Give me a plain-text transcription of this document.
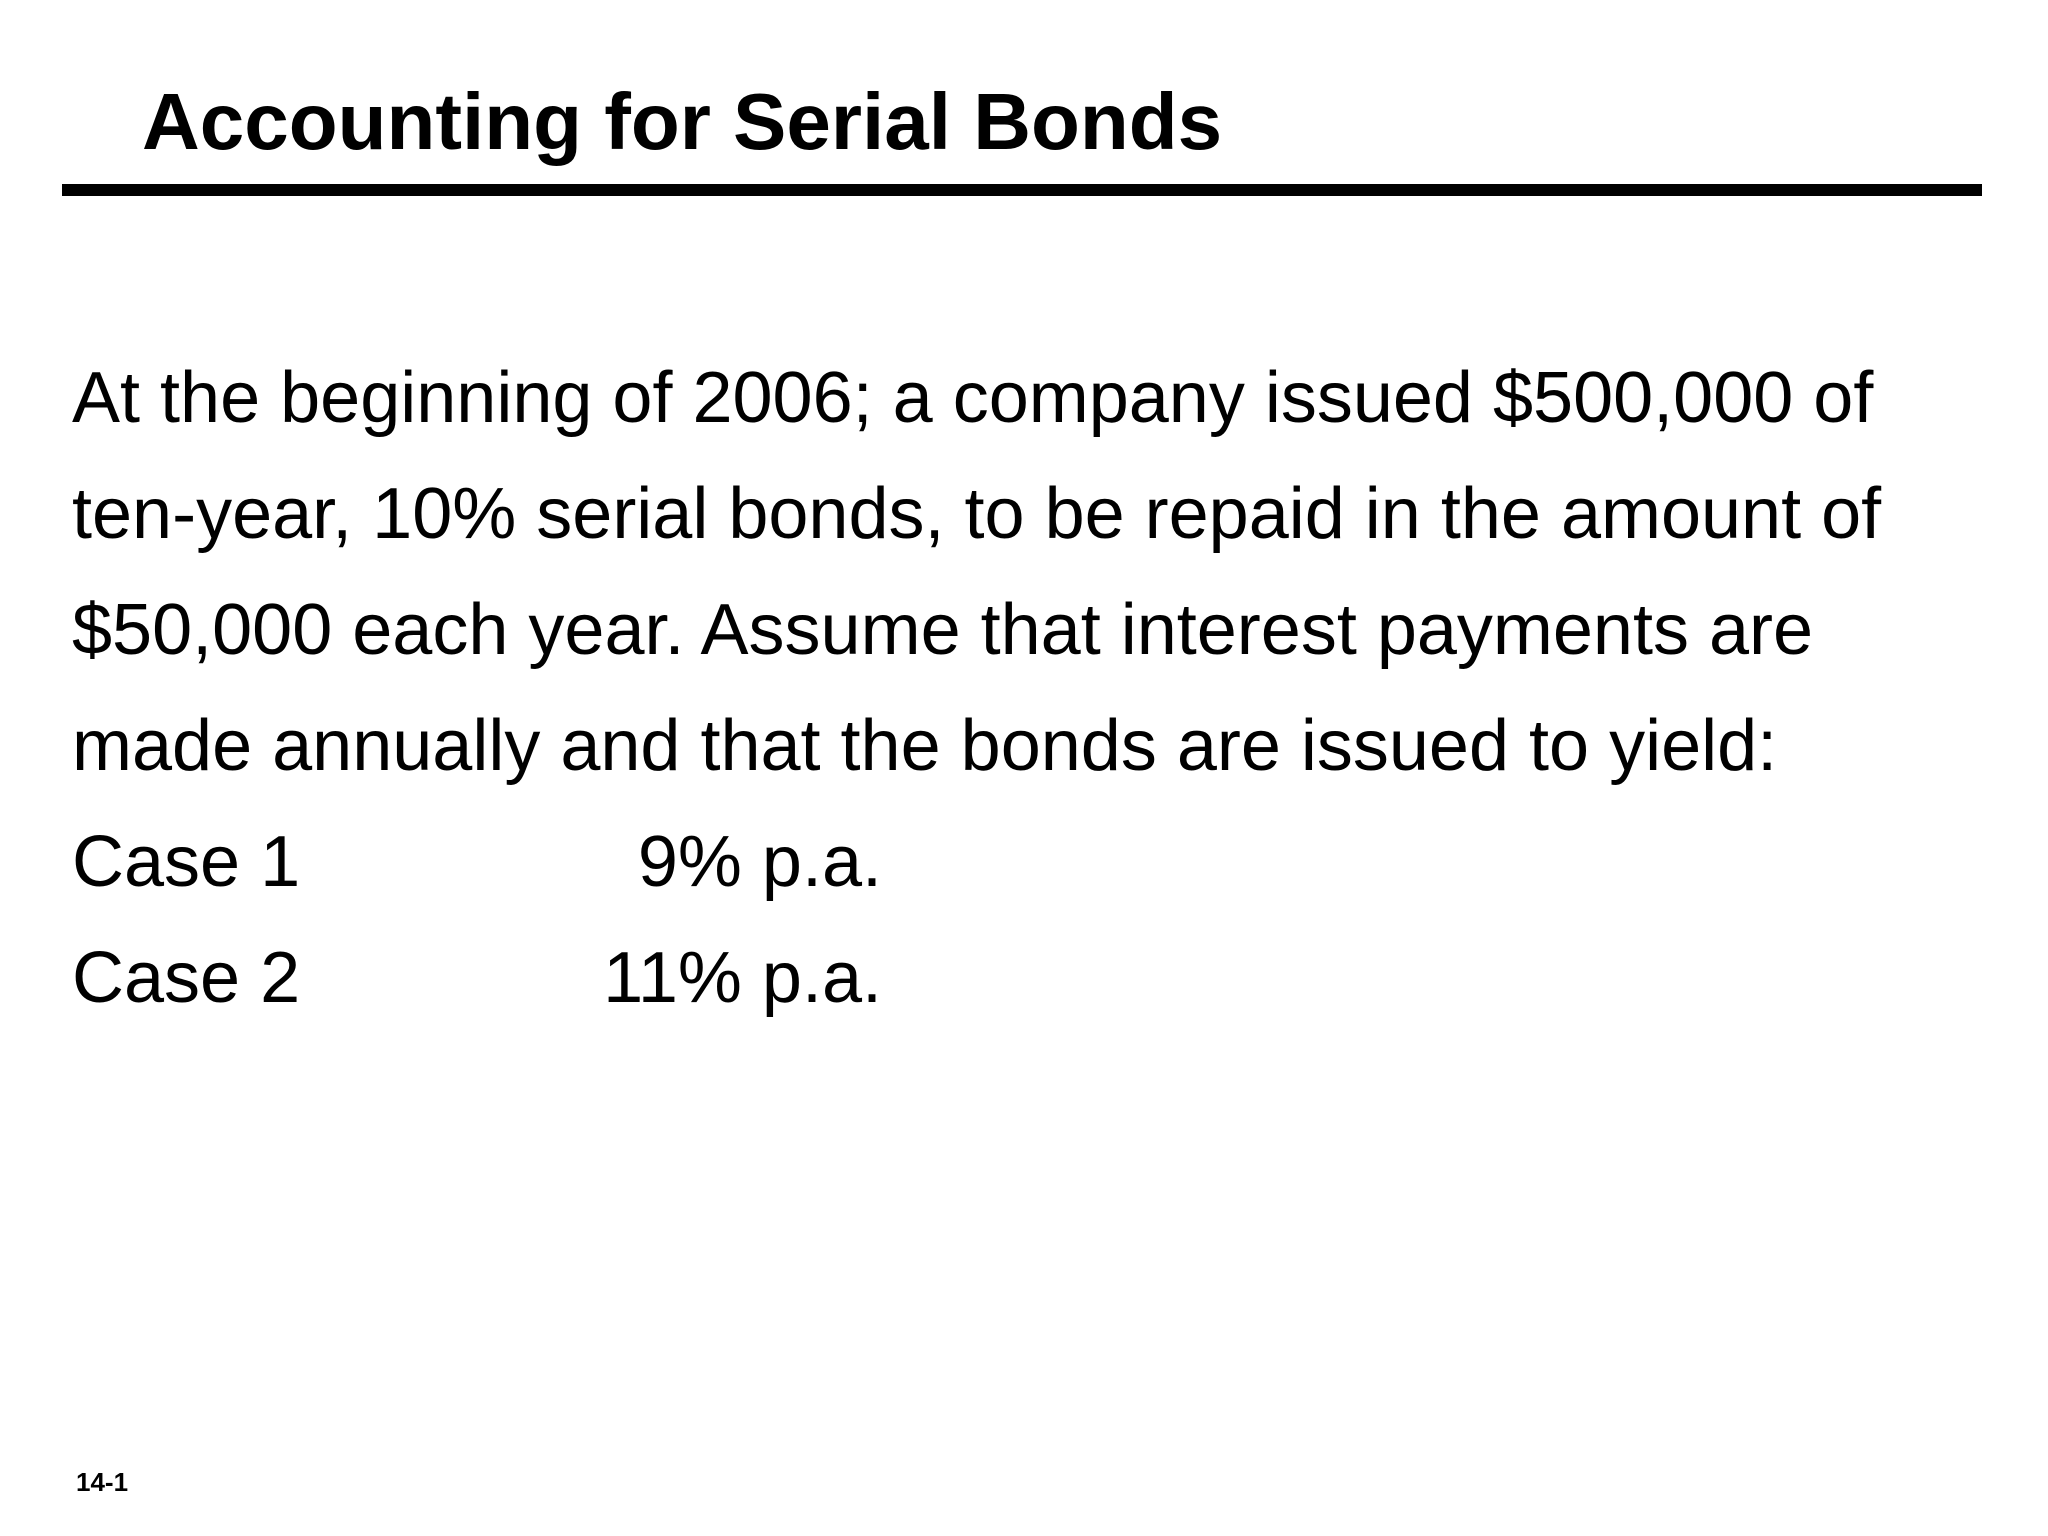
Accounting for Serial Bonds

At the beginning of 2006; a company issued $500,000 of
ten-year, 10% serial bonds, to be repaid in the amount of
$50,000 each year. Assume that interest payments are
made annually and that the bonds are issued to yield:

Case 1	9% p.a.
Case 2	11% p.a.
14-1
